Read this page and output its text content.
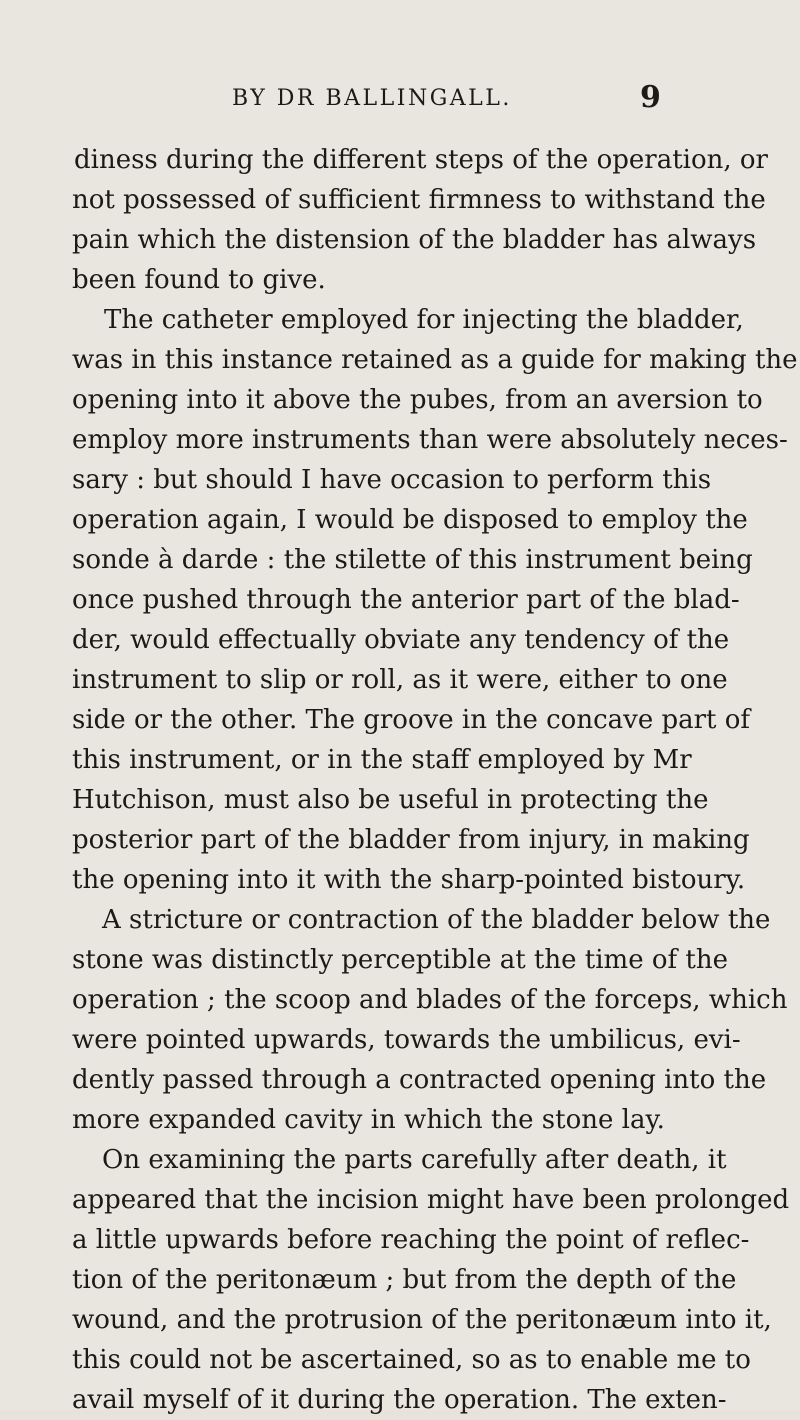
BY DR BALLINGALL.	9
diness during the different steps of the operation, or
not possessed of sufficient firmness to withstand the
pain which the distension of the bladder has always
been found to give.
The catheter employed for injecting the bladder,
was in this instance retained as a guide for making the
opening into it above the pubes, from an aversion to
employ more instruments than were absolutely neces-
sary : but should I have occasion to perform this
operation again, I would be disposed to employ the
sonde à darde : the stilette of this instrument being
once pushed through the anterior part of the blad-
der, would effectually obviate any tendency of the
instrument to slip or roll, as it were, either to one
side or the other. The groove in the concave part of
this instrument, or in the staff employed by Mr
Hutchison, must also be useful in protecting the
posterior part of the bladder from injury, in making
the opening into it with the sharp-pointed bistoury.
A stricture or contraction of the bladder below the
stone was distinctly perceptible at the time of the
operation ; the scoop and blades of the forceps, which
were pointed upwards, towards the umbilicus, evi-
dently passed through a contracted opening into the
more expanded cavity in which the stone lay.
On examining the parts carefully after death, it
appeared that the incision might have been prolonged
a little upwards before reaching the point of reflec-
tion of the peritonæum ; but from the depth of the
wound, and the protrusion of the peritonæum into it,
this could not be ascertained, so as to enable me to
avail myself of it during the operation. The exten-
